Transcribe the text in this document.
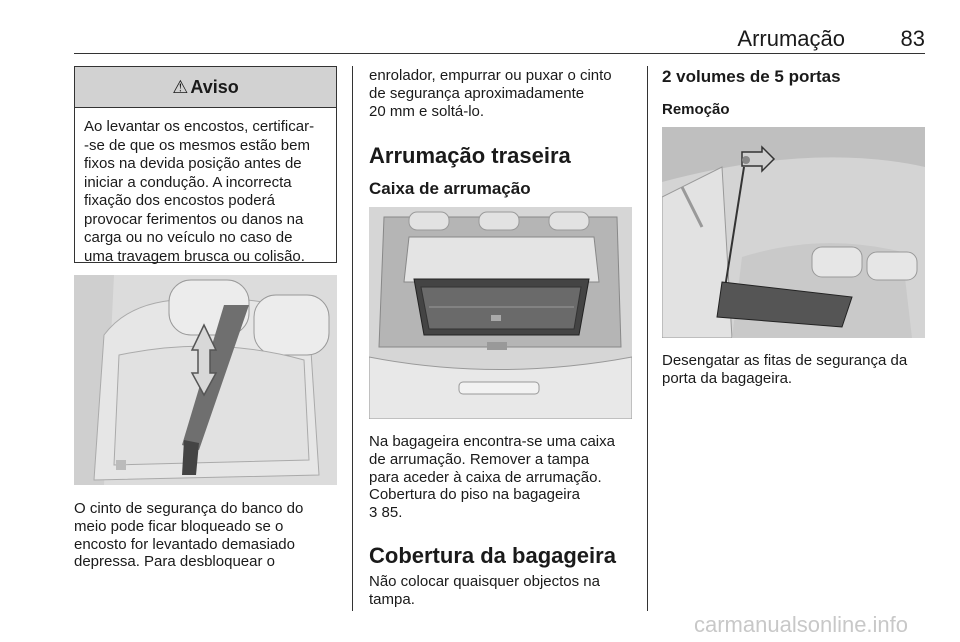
Arrumação	83
⚠ Aviso
Ao levantar os encostos, certificar-
-se de que os mesmos estão bem
fixos na devida posição antes de
iniciar a condução. A incorrecta
fixação dos encostos poderá
provocar ferimentos ou danos na
carga ou no veículo no caso de
uma travagem brusca ou colisão.
O cinto de segurança do banco do
meio pode ficar bloqueado se o
encosto for levantado demasiado
depressa. Para desbloquear o
enrolador, empurrar ou puxar o cinto
de segurança aproximadamente
20 mm e soltá-lo.
Arrumação traseira
Caixa de arrumação
Na bagageira encontra-se uma caixa
de arrumação. Remover a tampa
para aceder à caixa de arrumação.
Cobertura do piso na bagageira
3 85.
Cobertura da bagageira
Não colocar quaisquer objectos na
tampa.
2 volumes de 5 portas
Remoção
Desengatar as fitas de segurança da
porta da bagageira.
carmanualsonline.info
